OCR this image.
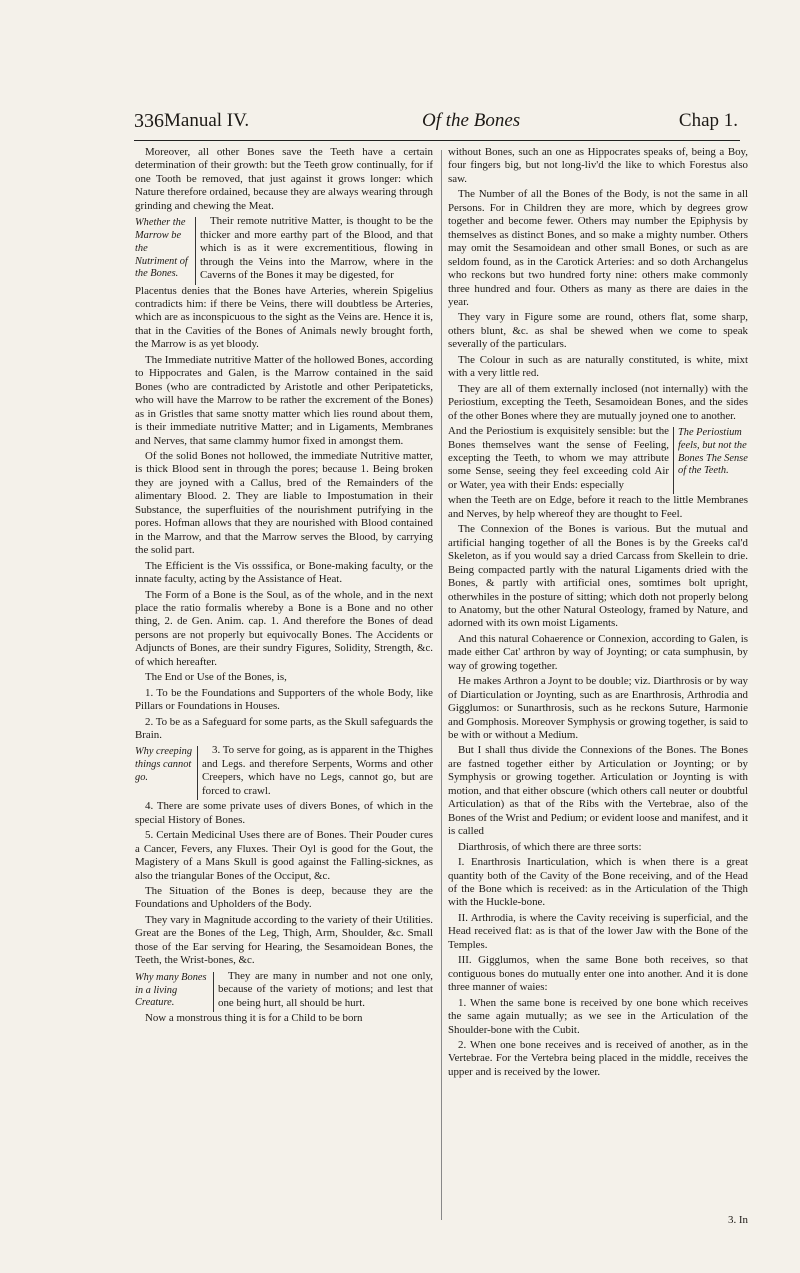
336 Manual IV.	Of the Bones	Chap 1.

Moreover, all other Bones save the Teeth have a certain determination of their growth: but the Teeth grow continually, for if one Tooth be removed, that just against it grows longer: which Nature therefore ordained, because they are always wearing through grinding and chewing the Meat.

Whether the Marrow be the Nutriment of the Bones.

Their remote nutritive Matter, is thought to be the thicker and more earthy part of the Blood, and that which is as it were excrementitious, flowing in through the Veins into the Marrow, where in the Caverns of the Bones it may be digested, for

Placentus denies that the Bones have Arteries, wherein Spigelius contradicts him: if there be Veins, there will doubtless be Arteries, which are as inconspicuous to the sight as the Veins are. Hence it is, that in the Cavities of the Bones of Animals newly brought forth, the Marrow is as yet bloody.

The Immediate nutritive Matter of the hollowed Bones, according to Hippocrates and Galen, is the Marrow contained in the said Bones (who are contradicted by Aristotle and other Peripateticks, who will have the Marrow to be rather the excrement of the Bones) as in Gristles that same snotty matter which lies round about them, is their immediate nutritive Matter; and in Ligaments, Membranes and Nerves, that same clammy humor fixed in amongst them.

Of the solid Bones not hollowed, the immediate Nutritive matter, is thick Blood sent in through the pores; because 1. Being broken they are joyned with a Callus, bred of the Remainders of the alimentary Blood. 2. They are liable to Impostumation in their Substance, the superfluities of the nourishment putrifying in the pores. Hofman allows that they are nourished with Blood contained in the Marrow, and that the Marrow serves the Blood, by carrying the solid part.

The Efficient is the Vis osssifica, or Bone-making faculty, or the innate faculty, acting by the Assistance of Heat.

The Form of a Bone is the Soul, as of the whole, and in the next place the ratio formalis whereby a Bone is a Bone and no other thing, 2. de Gen. Anim. cap. 1. And therefore the Bones of dead persons are not properly but equivocally Bones. The Accidents or Adjuncts of Bones, are their sundry Figures, Solidity, Strength, &c. of which hereafter.

The End or Use of the Bones, is,

1. To be the Foundations and Supporters of the whole Body, like Pillars or Foundations in Houses.

2. To be as a Safeguard for some parts, as the Skull safeguards the Brain.

Why creeping things cannot go.

3. To serve for going, as is apparent in the Thighes and Legs. and therefore Serpents, Worms and other Creepers, which have no Legs, cannot go, but are forced to crawl.

4. There are some private uses of divers Bones, of which in the special History of Bones.

5. Certain Medicinal Uses there are of Bones. Their Pouder cures a Cancer, Fevers, any Fluxes. Their Oyl is good for the Gout, the Magistery of a Mans Skull is good against the Falling-sicknes, as also the triangular Bones of the Occiput, &c.

The Situation of the Bones is deep, because they are the Foundations and Upholders of the Body.

They vary in Magnitude according to the variety of their Utilities. Great are the Bones of the Leg, Thigh, Arm, Shoulder, &c. Small those of the Ear serving for Hearing, the Sesamoidean Bones, the Teeth, the Wrist-bones, &c.

Why many Bones in a living Creature.

They are many in number and not one only, because of the variety of motions; and lest that one being hurt, all should be hurt.

Now a monstrous thing it is for a Child to be born

without Bones, such an one as Hippocrates speaks of, being a Boy, four fingers big, but not long-liv'd the like to which Forestus also saw.

The Number of all the Bones of the Body, is not the same in all Persons. For in Children they are more, which by degrees grow together and become fewer. Others may number the Epiphysis by themselves as distinct Bones, and so make a mighty number. Others may omit the Sesamoidean and other small Bones, or such as are seldom found, as in the Carotick Arteries: and so doth Archangelus who reckons but two hundred forty nine: others make commonly three hundred and four. Others as many as there are daies in the year.

They vary in Figure some are round, others flat, some sharp, others blunt, &c. as shal be shewed when we come to speak severally of the particulars.

The Colour in such as are naturally constituted, is white, mixt with a very little red.

They are all of them externally inclosed (not internally) with the Periostium, excepting the Teeth, Sesamoidean Bones, and the sides of the other Bones where they are mutually joyned one to another.

And the Periostium is exquisitely sensible: but the Bones themselves want the sense of Feeling, excepting the Teeth, to whom we may attribute some Sense, seeing they feel exceeding cold Air or Water, yea with their Ends: especially

The Periostium feels, but not the Bones The Sense of the Teeth.

when the Teeth are on Edge, before it reach to the little Membranes and Nerves, by help whereof they are thought to Feel.

The Connexion of the Bones is various. But the mutual and artificial hanging together of all the Bones is by the Greeks cal'd Skeleton, as if you would say a dried Carcass from Skellein to drie. Being compacted partly with the natural Ligaments dried with the Bones, & partly with artificial ones, somtimes bolt upright, otherwhiles in the posture of sitting; which doth not properly belong to Anatomy, but the other Natural Osteology, framed by Nature, and adorned with its own moist Ligaments.

And this natural Cohaerence or Connexion, according to Galen, is made either Cat' arthron by way of Joynting; or cata sumphusin, by way of growing together.

He makes Arthron a Joynt to be double; viz. Diarthrosis or by way of Diarticulation or Joynting, such as are Enarthrosis, Arthrodia and Gigglumos: or Sunarthrosis, such as he reckons Suture, Harmonie and Gomphosis. Moreover Symphysis or growing together, is said to be with or without a Medium.

But I shall thus divide the Connexions of the Bones. The Bones are fastned together either by Articulation or Joynting; or by Symphysis or growing together. Articulation or Joynting is with motion, and that either obscure (which others call neuter or doubtful Articulation) as that of the Ribs with the Vertebrae, also of the Bones of the Wrist and Pedium; or evident loose and manifest, and it is called

Diarthrosis, of which there are three sorts:

I. Enarthrosis Inarticulation, which is when there is a great quantity both of the Cavity of the Bone receiving, and of the Head of the Bone which is received: as in the Articulation of the Thigh with the Huckle-bone.

II. Arthrodia, is where the Cavity receiving is superficial, and the Head received flat: as is that of the lower Jaw with the Bone of the Temples.

III. Gigglumos, when the same Bone both receives, so that contiguous bones do mutually enter one into another. And it is done three manner of waies:

1. When the same bone is received by one bone which receives the same again mutually; as we see in the Articulation of the Shoulder-bone with the Cubit.

2. When one bone receives and is received of another, as in the Vertebrae. For the Vertebra being placed in the middle, receives the upper and is received by the lower.

3. In
